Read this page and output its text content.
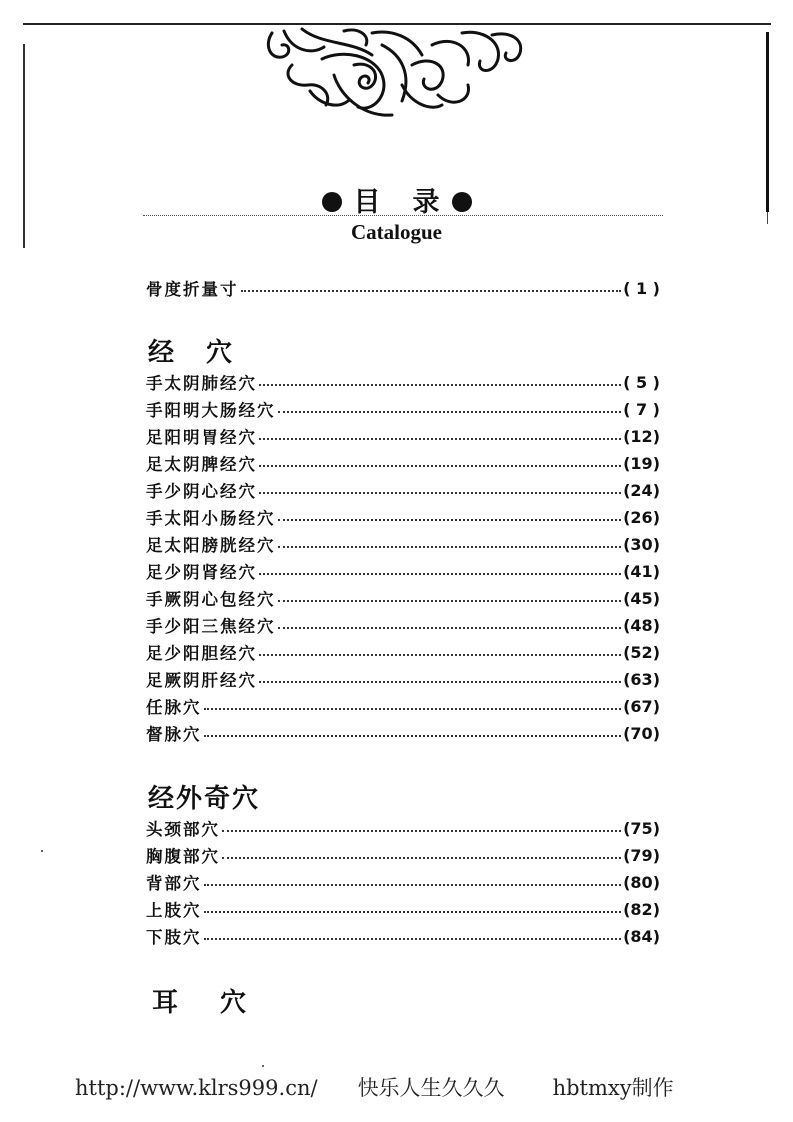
目 录
Catalogue
骨度折量寸	( 1 )
经 穴
手太阴肺经穴	( 5 )
手阳明大肠经穴	( 7 )
足阳明胃经穴	(12)
足太阴脾经穴	(19)
手少阴心经穴	(24)
手太阳小肠经穴	(26)
足太阳膀胱经穴	(30)
足少阴肾经穴	(41)
手厥阴心包经穴	(45)
手少阳三焦经穴	(48)
足少阳胆经穴	(52)
足厥阴肝经穴	(63)
任脉穴	(67)
督脉穴	(70)
经外奇穴
头颈部穴	(75)
胸腹部穴	(79)
背部穴	(80)
上肢穴	(82)
下肢穴	(84)
耳 穴
http://www.klrs999.cn/ 快乐人生久久久 hbtmxy制作
